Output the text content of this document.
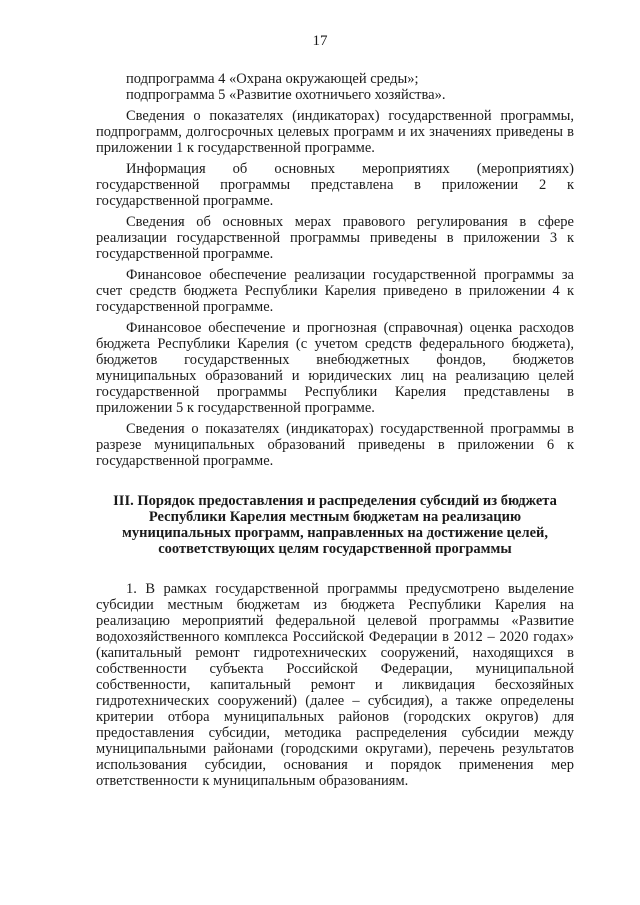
17

подпрограмма 4 «Охрана окружающей среды»;

подпрограмма 5 «Развитие охотничьего хозяйства».

Сведения о показателях (индикаторах) государственной программы, подпрограмм, долгосрочных целевых программ и их значениях приведены в приложении 1 к государственной программе.

Информация об основных мероприятиях (мероприятиях) государственной программы представлена в приложении 2 к государственной программе.

Сведения об основных мерах правового регулирования в сфере реализации государственной программы приведены в приложении 3 к государственной программе.

Финансовое обеспечение реализации государственной программы за счет средств бюджета Республики Карелия приведено в приложении 4 к государственной программе.

Финансовое обеспечение и прогнозная (справочная) оценка расходов бюджета Республики Карелия (с учетом средств федерального бюджета), бюджетов государственных внебюджетных фондов, бюджетов муниципальных образований и юридических лиц на реализацию целей государственной программы Республики Карелия представлены в приложении 5 к государственной программе.

Сведения о показателях (индикаторах) государственной программы в разрезе муниципальных образований приведены в приложении 6 к государственной программе.

III. Порядок предоставления и распределения субсидий из бюджета Республики Карелия местным бюджетам на реализацию муниципальных программ, направленных на достижение целей, соответствующих целям государственной программы

1. В рамках государственной программы предусмотрено выделение субсидии местным бюджетам из бюджета Республики Карелия на реализацию мероприятий федеральной целевой программы «Развитие водохозяйственного комплекса Российской Федерации в 2012 – 2020 годах» (капитальный ремонт гидротехнических сооружений, находящихся в собственности субъекта Российской Федерации, муниципальной собственности, капитальный ремонт и ликвидация бесхозяйных гидротехнических сооружений) (далее – субсидия), а также определены критерии отбора муниципальных районов (городских округов) для предоставления субсидии, методика распределения субсидии между муниципальными районами (городскими округами), перечень результатов использования субсидии, основания и порядок применения мер ответственности к муниципальным образованиям.
